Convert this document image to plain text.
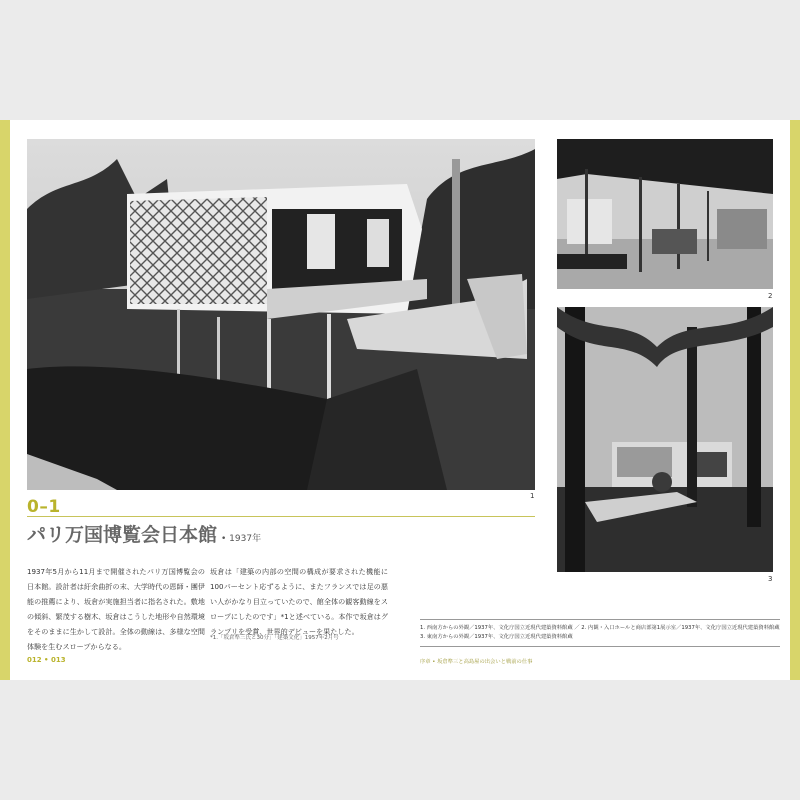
1
2
3
0–1
パリ万国博覧会日本館 • 1937年
1937年5月から11月まで開催されたパリ万国博覧会の日本館。設計者は紆余曲折の末、大学時代の恩師・團伊能の推薦により、坂倉が実施担当者に指名された。敷地の傾斜、繁茂する樹木、坂倉はこうした地形や自然環境をそのままに生かして設計。全体の動線は、多様な空間体験を生むスロープからなる。
坂倉は「建築の内部の空間の構成が要求された機能に100パーセント応ずるように、またフランスでは足の悪い人がかなり目立っていたので、館全体の観客動線をスロープにしたのです」*1と述べている。本作で坂倉はグランプリを受賞、世界的デビューを果たした。
*1.「坂倉準三氏と30分」「建築文化」1957年2月号
1. 西南方からの外観／1937年、文化庁国立近現代建築資料館蔵 ／ 2. 内観・入口ホールと商店部第1展示室／1937年、文化庁国立近現代建築資料館蔵
3. 東南方からの外観／1937年、文化庁国立近現代建築資料館蔵
012 • 013	序章 • 坂倉準三と高島屋の出会いと戦前の仕事
